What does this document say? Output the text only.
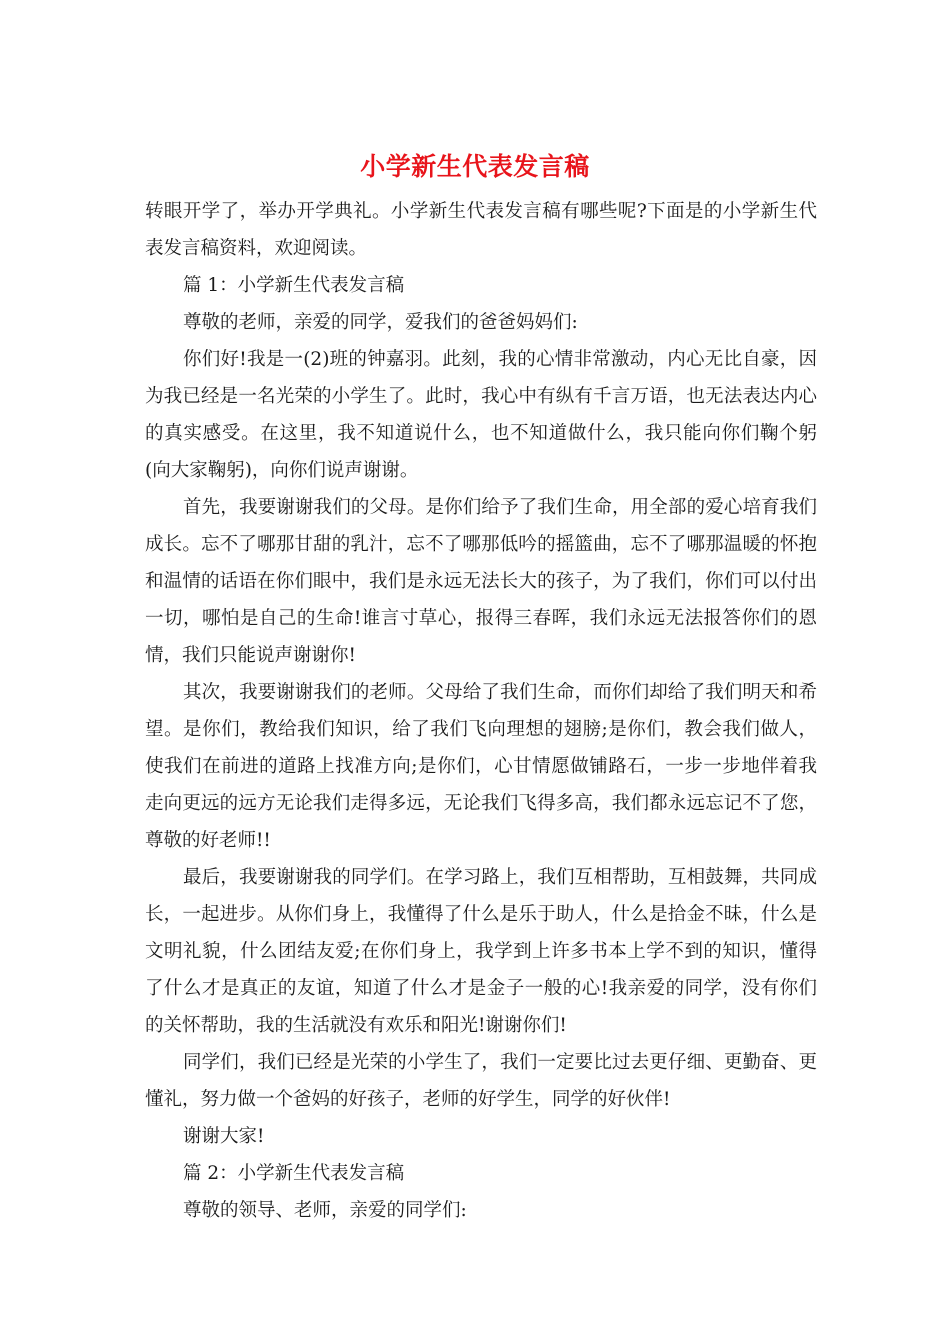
小学新生代表发言稿

转眼开学了，举办开学典礼。小学新生代表发言稿有哪些呢?下面是的小学新生代表发言稿资料，欢迎阅读。

篇 1：小学新生代表发言稿

尊敬的老师，亲爱的同学，爱我们的爸爸妈妈们:

你们好!我是一(2)班的钟嘉羽。此刻，我的心情非常激动，内心无比自豪，因为我已经是一名光荣的小学生了。此时，我心中有纵有千言万语，也无法表达内心的真实感受。在这里，我不知道说什么，也不知道做什么，我只能向你们鞠个躬(向大家鞠躬)，向你们说声谢谢。

首先，我要谢谢我们的父母。是你们给予了我们生命，用全部的爱心培育我们成长。忘不了哪那甘甜的乳汁，忘不了哪那低吟的摇篮曲，忘不了哪那温暖的怀抱和温情的话语在你们眼中，我们是永远无法长大的孩子，为了我们，你们可以付出一切，哪怕是自己的生命!谁言寸草心，报得三春晖，我们永远无法报答你们的恩情，我们只能说声谢谢你!

其次，我要谢谢我们的老师。父母给了我们生命，而你们却给了我们明天和希望。是你们，教给我们知识，给了我们飞向理想的翅膀;是你们，教会我们做人，使我们在前进的道路上找准方向;是你们，心甘情愿做铺路石，一步一步地伴着我走向更远的远方无论我们走得多远，无论我们飞得多高，我们都永远忘记不了您，尊敬的好老师!!

最后，我要谢谢我的同学们。在学习路上，我们互相帮助，互相鼓舞，共同成长，一起进步。从你们身上，我懂得了什么是乐于助人，什么是拾金不昧，什么是文明礼貌，什么团结友爱;在你们身上，我学到上许多书本上学不到的知识，懂得了什么才是真正的友谊，知道了什么才是金子一般的心!我亲爱的同学，没有你们的关怀帮助，我的生活就没有欢乐和阳光!谢谢你们!

同学们，我们已经是光荣的小学生了，我们一定要比过去更仔细、更勤奋、更懂礼，努力做一个爸妈的好孩子，老师的好学生，同学的好伙伴!

谢谢大家!

篇 2：小学新生代表发言稿

尊敬的领导、老师，亲爱的同学们:
